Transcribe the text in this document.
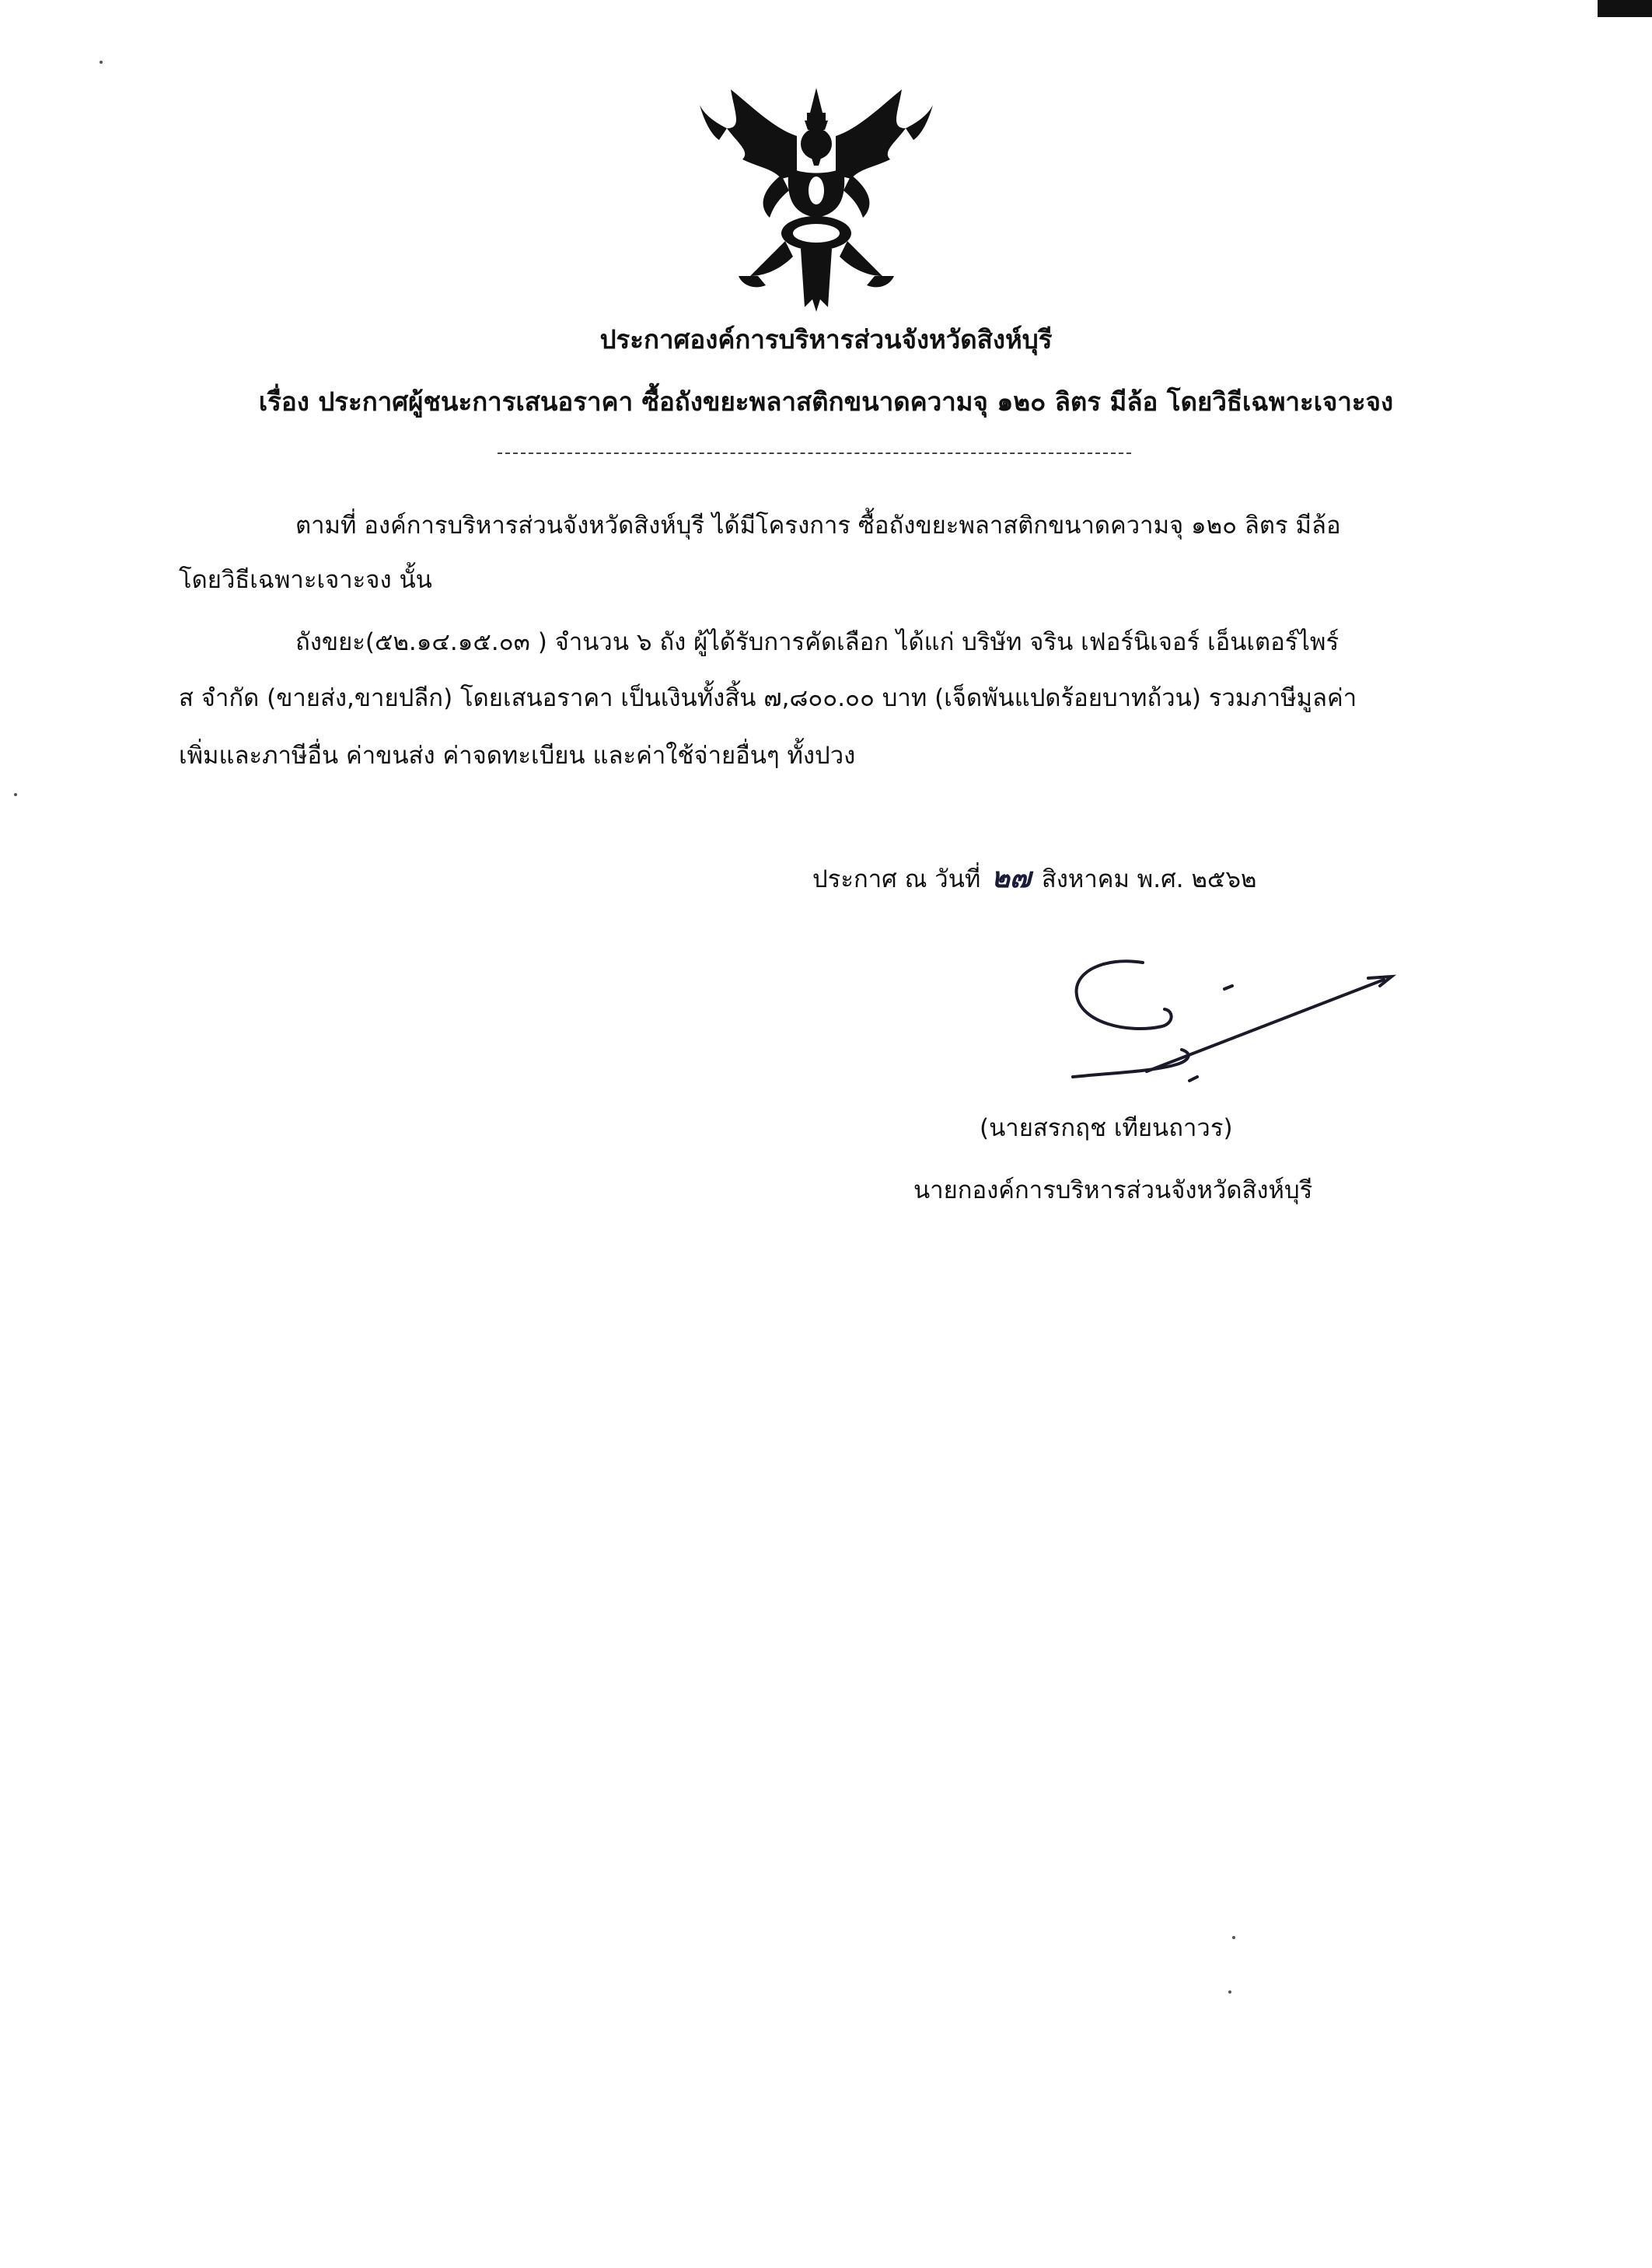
ประกาศองค์การบริหารส่วนจังหวัดสิงห์บุรี
เรื่อง ประกาศผู้ชนะการเสนอราคา ซื้อถังขยะพลาสติกขนาดความจุ ๑๒๐ ลิตร มีล้อ โดยวิธีเฉพาะเจาะจง
ตามที่ องค์การบริหารส่วนจังหวัดสิงห์บุรี ได้มีโครงการ ซื้อถังขยะพลาสติกขนาดความจุ ๑๒๐ ลิตร มีล้อ
โดยวิธีเฉพาะเจาะจง นั้น
ถังขยะ(๕๒.๑๔.๑๕.๐๓ ) จำนวน ๖ ถัง ผู้ได้รับการคัดเลือก ได้แก่ บริษัท จริน เฟอร์นิเจอร์ เอ็นเตอร์ไพร์
ส จำกัด (ขายส่ง,ขายปลีก) โดยเสนอราคา เป็นเงินทั้งสิ้น ๗,๘๐๐.๐๐ บาท (เจ็ดพันแปดร้อยบาทถ้วน) รวมภาษีมูลค่า
เพิ่มและภาษีอื่น ค่าขนส่ง ค่าจดทะเบียน และค่าใช้จ่ายอื่นๆ ทั้งปวง
ประกาศ ณ วันที่ ๒๗ สิงหาคม พ.ศ. ๒๕๖๒
(นายสรกฤช เทียนถาวร)
นายกองค์การบริหารส่วนจังหวัดสิงห์บุรี
